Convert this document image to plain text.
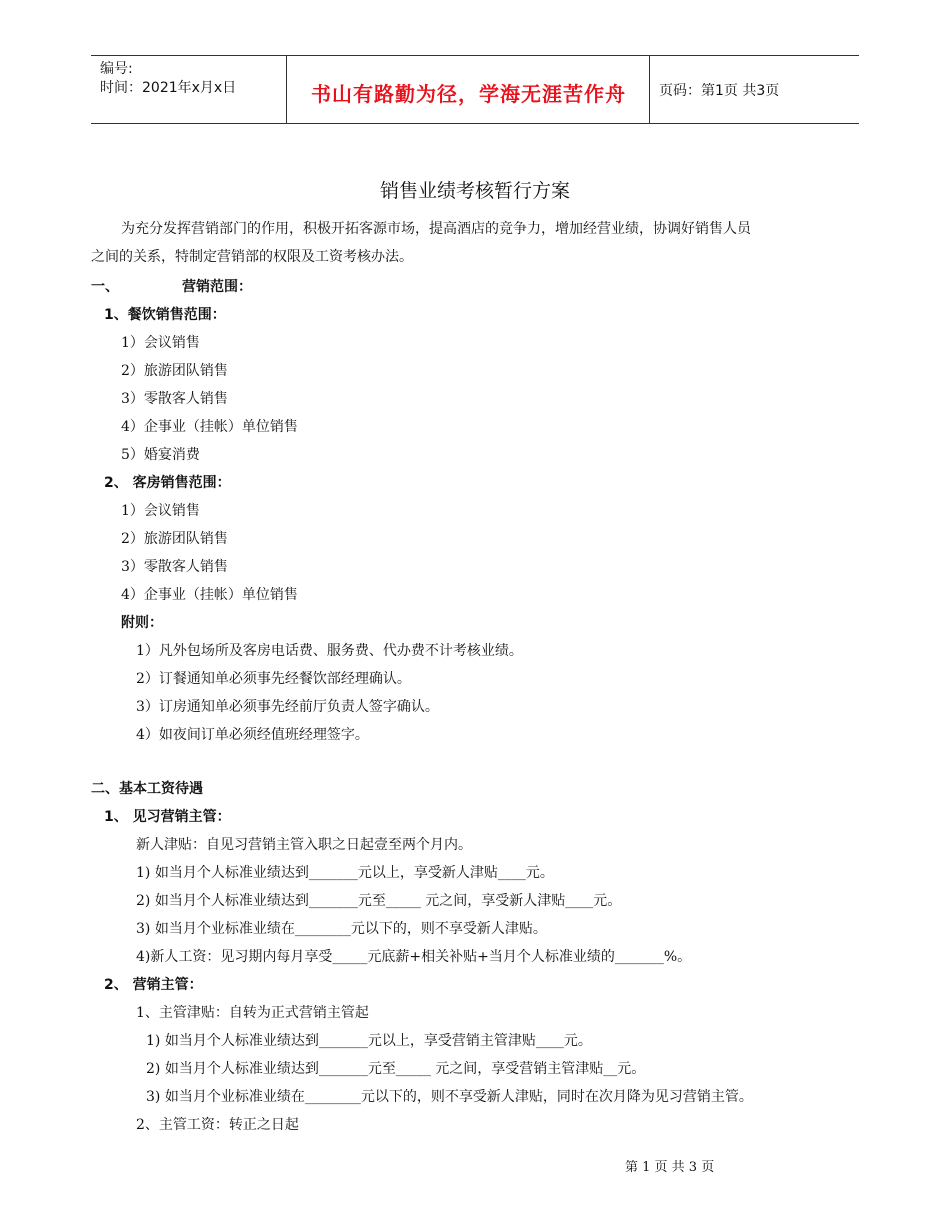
编号:
时间：2021年x月x日	书山有路勤为径，学海无涯苦作舟	页码：第1页 共3页
销售业绩考核暂行方案
为充分发挥营销部门的作用，积极开拓客源市场，提高酒店的竞争力，增加经营业绩，协调好销售人员
之间的关系，特制定营销部的权限及工资考核办法。
一、	营销范围：
1、餐饮销售范围：
1）会议销售
2）旅游团队销售
3）零散客人销售
4）企事业（挂帐）单位销售
5）婚宴消费
2、 客房销售范围：
1）会议销售
2）旅游团队销售
3）零散客人销售
4）企事业（挂帐）单位销售
附则：
1）凡外包场所及客房电话费、服务费、代办费不计考核业绩。
2）订餐通知单必须事先经餐饮部经理确认。
3）订房通知单必须事先经前厅负责人签字确认。
4）如夜间订单必须经值班经理签字。
二、基本工资待遇
1、 见习营销主管：
新人津贴：自见习营销主管入职之日起壹至两个月内。
1) 如当月个人标准业绩达到_______元以上，享受新人津贴____元。
2) 如当月个人标准业绩达到_______元至_____ 元之间，享受新人津贴____元。
3) 如当月个业标准业绩在________元以下的，则不享受新人津贴。
4)新人工资：见习期内每月享受_____元底薪+相关补贴+当月个人标准业绩的_______%。
2、 营销主管：
1、主管津贴：自转为正式营销主管起
1) 如当月个人标准业绩达到_______元以上，享受营销主管津贴____元。
2) 如当月个人标准业绩达到_______元至_____ 元之间，享受营销主管津贴__元。
3) 如当月个业标准业绩在________元以下的，则不享受新人津贴，同时在次月降为见习营销主管。
2、主管工资：转正之日起
第 1 页 共 3 页
